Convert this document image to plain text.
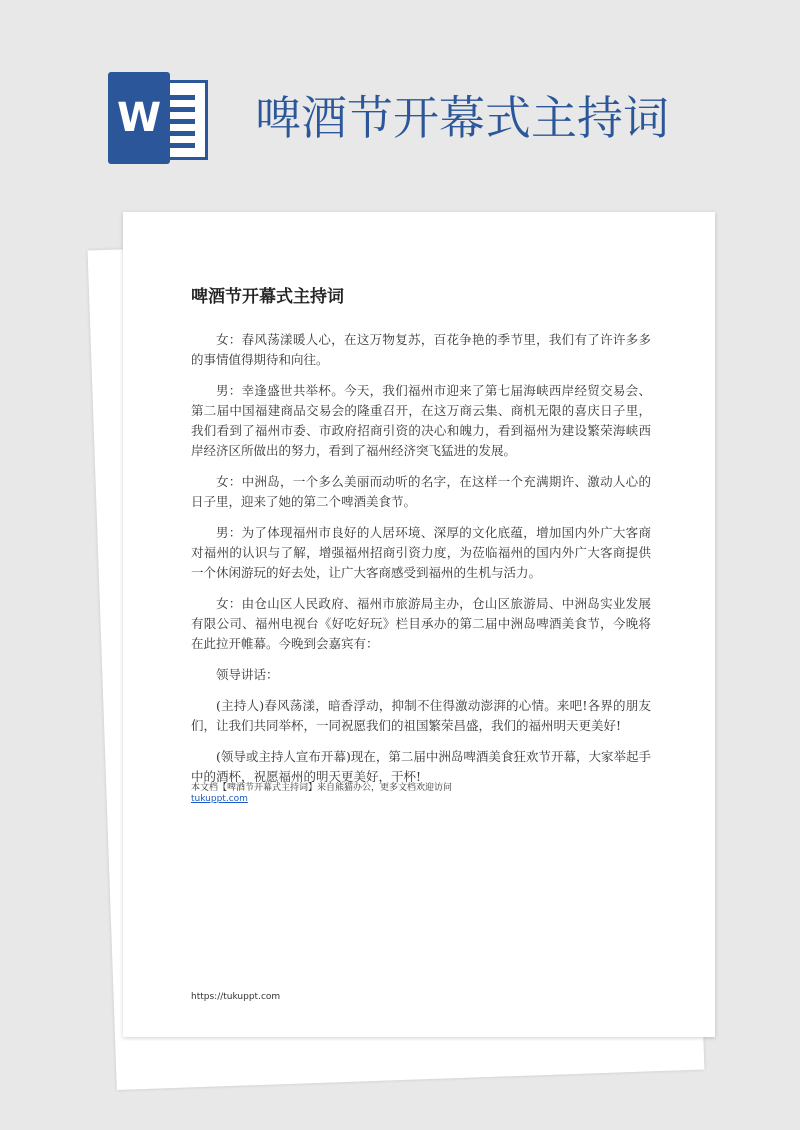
W 啤酒节开幕式主持词
啤酒节开幕式主持词

女：春风荡漾暖人心，在这万物复苏，百花争艳的季节里，我们有了许许多多的事情值得期待和向往。

男：幸逢盛世共举杯。今天，我们福州市迎来了第七届海峡西岸经贸交易会、第二届中国福建商品交易会的隆重召开，在这万商云集、商机无限的喜庆日子里，我们看到了福州市委、市政府招商引资的决心和魄力，看到福州为建设繁荣海峡西岸经济区所做出的努力，看到了福州经济突飞猛进的发展。

女：中洲岛，一个多么美丽而动听的名字，在这样一个充满期许、激动人心的日子里，迎来了她的第二个啤酒美食节。

男：为了体现福州市良好的人居环境、深厚的文化底蕴，增加国内外广大客商对福州的认识与了解，增强福州招商引资力度，为莅临福州的国内外广大客商提供一个休闲游玩的好去处，让广大客商感受到福州的生机与活力。

女：由仓山区人民政府、福州市旅游局主办，仓山区旅游局、中洲岛实业发展有限公司、福州电视台《好吃好玩》栏目承办的第二届中洲岛啤酒美食节，今晚将在此拉开帷幕。今晚到会嘉宾有：

领导讲话：

(主持人)春风荡漾，暗香浮动，抑制不住得激动澎湃的心情。来吧!各界的朋友们，让我们共同举杯，一同祝愿我们的祖国繁荣昌盛，我们的福州明天更美好!

(领导或主持人宣布开幕)现在，第二届中洲岛啤酒美食狂欢节开幕，大家举起手中的酒杯，祝愿福州的明天更美好，干杯!

本文档【啤酒节开幕式主持词】来自熊猫办公，更多文档欢迎访问
tukuppt.com
https://tukuppt.com
